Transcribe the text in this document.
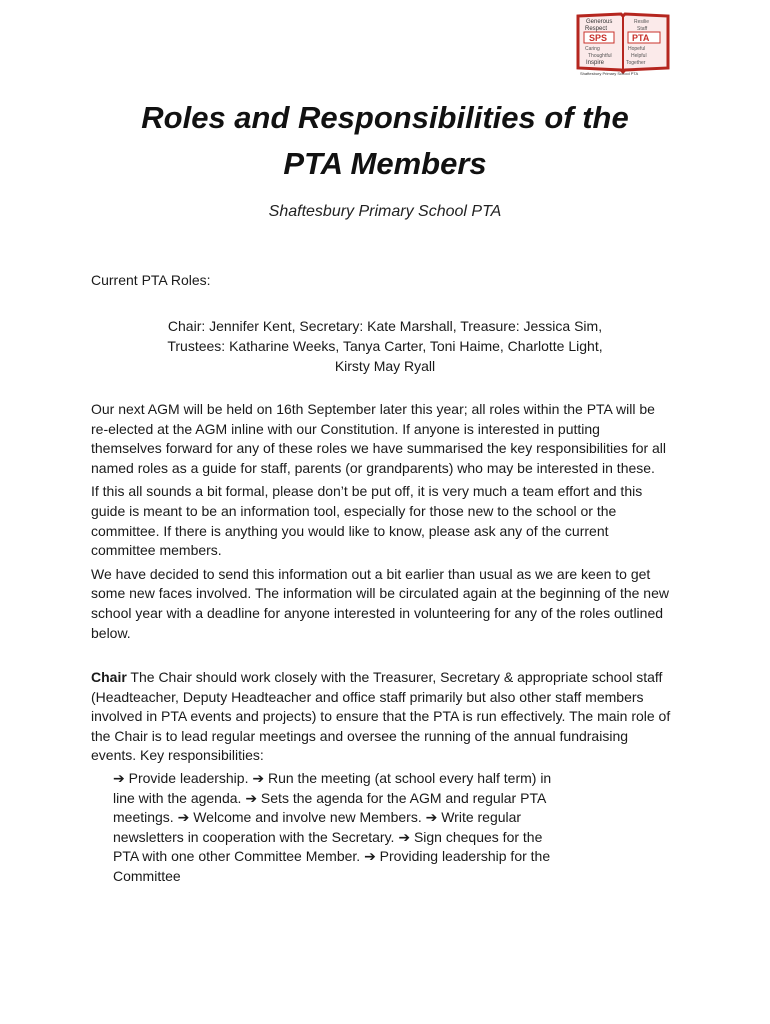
Generous
Respect
SPS
Caring
Thoughtful
Inspire
Resilie
Staff
PTA
Hopeful
Helpful
Together
Shaftesbury Primary School PTA
Roles and Responsibilities of the
PTA Members
Shaftesbury Primary School PTA
Current PTA Roles:
Chair: Jennifer Kent, Secretary: Kate Marshall, Treasure: Jessica Sim,
Trustees: Katharine Weeks, Tanya Carter, Toni Haime, Charlotte Light,
Kirsty May Ryall

Our next AGM will be held on 16th September later this year; all roles within the PTA will be re-elected at the AGM inline with our Constitution. If anyone is interested in putting themselves forward for any of these roles we have summarised the key responsibilities for all named roles as a guide for staff, parents (or grandparents) who may be interested in these.

If this all sounds a bit formal, please don’t be put off, it is very much a team effort and this guide is meant to be an information tool, especially for those new to the school or the committee. If there is anything you would like to know, please ask any of the current committee members.

We have decided to send this information out a bit earlier than usual as we are keen to get some new faces involved. The information will be circulated again at the beginning of the new school year with a deadline for anyone interested in volunteering for any of the roles outlined below.

Chair The Chair should work closely with the Treasurer, Secretary & appropriate school staff (Headteacher, Deputy Headteacher and office staff primarily but also other staff members involved in PTA events and projects) to ensure that the PTA is run effectively. The main role of the Chair is to lead regular meetings and oversee the running of the annual fundraising events. Key responsibilities:

➔ Provide leadership. ➔ Run the meeting (at school every half term) in line with the agenda. ➔ Sets the agenda for the AGM and regular PTA meetings. ➔ Welcome and involve new Members. ➔ Write regular newsletters in cooperation with the Secretary. ➔ Sign cheques for the PTA with one other Committee Member. ➔ Providing leadership for the Committee
